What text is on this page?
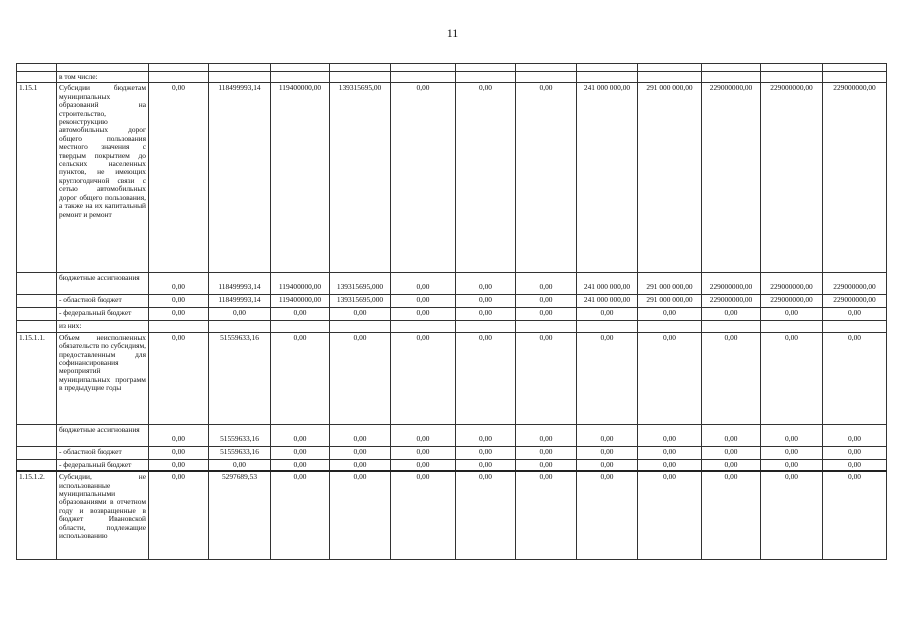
11

	в том числе:												
1.15.1	Субсидии бюджетам муниципальных образований на строительство, реконструкцию автомобильных дорог общего пользования местного значения с твердым покрытием до сельских населенных пунктов, не имеющих круглогодичной связи с сетью автомобильных дорог общего пользования, а также на их капитальный ремонт и ремонт	0,00	118499993,14	119400000,00	139315695,00	0,00	0,00	0,00	241 000 000,00	291 000 000,00	229000000,00	229000000,00	229000000,00
	бюджетные ассигнования	0,00	118499993,14	119400000,00	139315695,000	0,00	0,00	0,00	241 000 000,00	291 000 000,00	229000000,00	229000000,00	229000000,00
	- областной бюджет	0,00	118499993,14	119400000,00	139315695,000	0,00	0,00	0,00	241 000 000,00	291 000 000,00	229000000,00	229000000,00	229000000,00
	- федеральный бюджет	0,00	0,00	0,00	0,00	0,00	0,00	0,00	0,00	0,00	0,00	0,00	0,00
	из них:												
1.15.1.1.	Объем неисполненных обязательств по субсидиям, предоставленным для софинансирования мероприятий муниципальных программ в предыдущие годы	0,00	51559633,16	0,00	0,00	0,00	0,00	0,00	0,00	0,00	0,00	0,00	0,00
	бюджетные ассигнования	0,00	51559633,16	0,00	0,00	0,00	0,00	0,00	0,00	0,00	0,00	0,00	0,00
	- областной бюджет	0,00	51559633,16	0,00	0,00	0,00	0,00	0,00	0,00	0,00	0,00	0,00	0,00
	- федеральный бюджет	0,00	0,00	0,00	0,00	0,00	0,00	0,00	0,00	0,00	0,00	0,00	0,00
1.15.1.2.	Субсидии, не использованные муниципальными образованиями в отчетном году и возвращенные в бюджет Ивановской области, подлежащие использованию	0,00	5297689,53	0,00	0,00	0,00	0,00	0,00	0,00	0,00	0,00	0,00	0,00
